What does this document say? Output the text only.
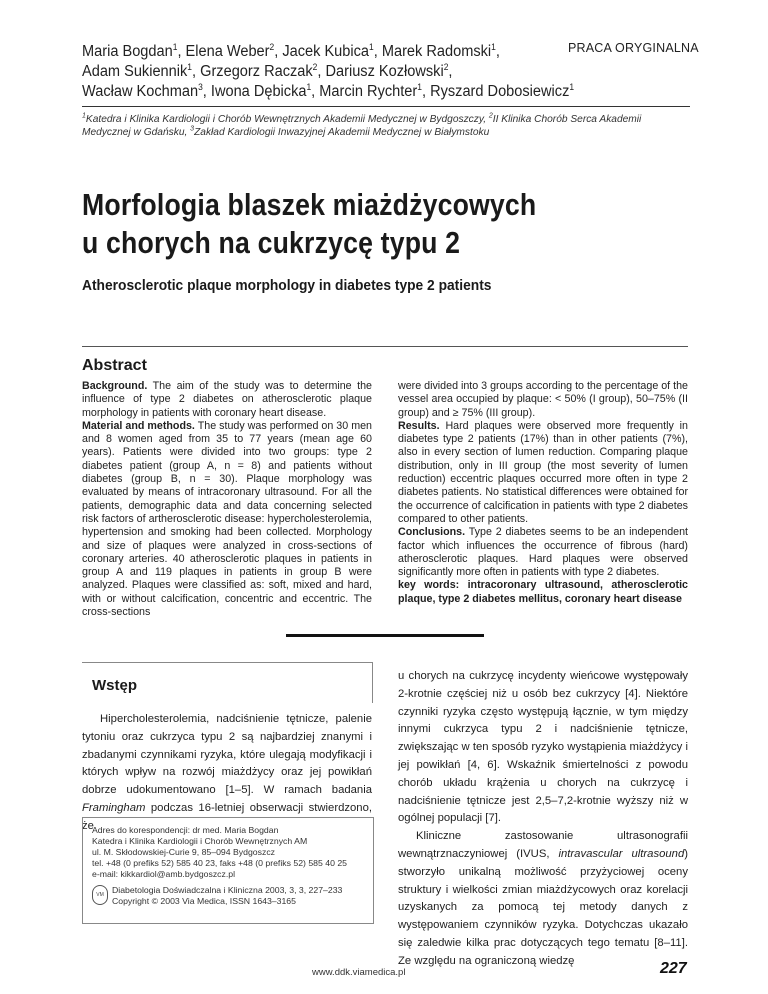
Maria Bogdan$^1$, Elena Weber$^2$, Jacek Kubica$^1$, Marek Radomski$^1$,
Adam Sukiennik$^1$, Grzegorz Raczak$^2$, Dariusz Kozłowski$^2$,
Wacław Kochman$^3$, Iwona Dębicka$^1$, Marcin Rychter$^1$, Ryszard Dobosiewicz$^1$
PRACA ORYGINALNA
$^1$Katedra i Klinika Kardiologii i Chorób Wewnętrznych Akademii Medycznej w Bydgoszczy, $^2$II Klinika Chorób Serca Akademii Medycznej w Gdańsku, $^3$Zakład Kardiologii Inwazyjnej Akademii Medycznej w Białymstoku
Morfologia blaszek miażdżycowych
u chorych na cukrzycę typu 2
Atherosclerotic plaque morphology in diabetes type 2 patients
Abstract

Background. The aim of the study was to determine the influence of type 2 diabetes on atherosclerotic plaque morphology in patients with coronary heart disease.

Material and methods. The study was performed on 30 men and 8 women aged from 35 to 77 years (mean age 60 years). Patients were divided into two groups: type 2 diabetes patient (group A, n = 8) and patients without diabetes (group B, n = 30). Plaque morphology was evaluated by means of intracoronary ultrasound. For all the patients, demographic data and data concerning selected risk factors of artherosclerotic disease: hypercholesterolemia, hypertension and smoking had been collected. Morphology and size of plaques were analyzed in cross-sections of coronary arteries. 40 atherosclerotic plaques in patients in group A and 119 plaques in patients in group B were analyzed. Plaques were classified as: soft, mixed and hard, with or without calcification, concentric and eccentric. The cross-sections

were divided into 3 groups according to the percentage of the vessel area occupied by plaque: < 50% (I group), 50–75% (II group) and ≥ 75% (III group).

Results. Hard plaques were observed more frequently in diabetes type 2 patients (17%) than in other patients (7%), also in every section of lumen reduction. Comparing plaque distribution, only in III group (the most severity of lumen reduction) eccentric plaques occurred more often in type 2 diabetes patients. No statistical differences were obtained for the occurrence of calcification in patients with type 2 diabetes compared to other patients.

Conclusions. Type 2 diabetes seems to be an independent factor which influences the occurrence of fibrous (hard) atherosclerotic plaques. Hard plaques were observed significantly more often in patients with type 2 diabetes.

key words: intracoronary ultrasound, atherosclerotic plaque, type 2 diabetes mellitus, coronary heart disease

Wstęp

Hipercholesterolemia, nadciśnienie tętnicze, palenie tytoniu oraz cukrzyca typu 2 są najbardziej znanymi i zbadanymi czynnikami ryzyka, które ulegają modyfikacji i których wpływ na rozwój miażdżycy oraz jej powikłań dobrze udokumentowano [1–5]. W ramach badania Framingham podczas 16-letniej obserwacji stwierdzono, że

u chorych na cukrzycę incydenty wieńcowe występowały 2-krotnie częściej niż u osób bez cukrzycy [4]. Niektóre czynniki ryzyka często występują łącznie, w tym między innymi cukrzyca typu 2 i nadciśnienie tętnicze, zwiększając w ten sposób ryzyko wystąpienia miażdżycy i jej powikłań [4, 6]. Wskaźnik śmiertelności z powodu chorób układu krążenia u chorych na cukrzycę i nadciśnienie tętnicze jest 2,5–7,2-krotnie wyższy niż w ogólnej populacji [7].

Kliniczne zastosowanie ultrasonografii wewnątrznaczyniowej (IVUS, intravascular ultrasound) stworzyło unikalną możliwość przyżyciowej oceny struktury i wielkości zmian miażdżycowych oraz korelacji uzyskanych za pomocą tej metody danych z występowaniem czynników ryzyka. Dotychczas ukazało się zaledwie kilka prac dotyczących tego tematu [8–11]. Ze względu na ograniczoną wiedzę

Adres do korespondencji: dr med. Maria Bogdan
Katedra i Klinika Kardiologii i Chorób Wewnętrznych AM
ul. M. Skłodowskiej-Curie 9, 85–094 Bydgoszcz
tel. +48 (0 prefiks 52) 585 40 23, faks +48 (0 prefiks 52) 585 40 25
e-mail: kikkardiol@amb.bydgoszcz.pl
VM Diabetologia Doświadczalna i Kliniczna 2003, 3, 3, 227–233
Copyright © 2003 Via Medica, ISSN 1643–3165
www.ddk.viamedica.pl	227
